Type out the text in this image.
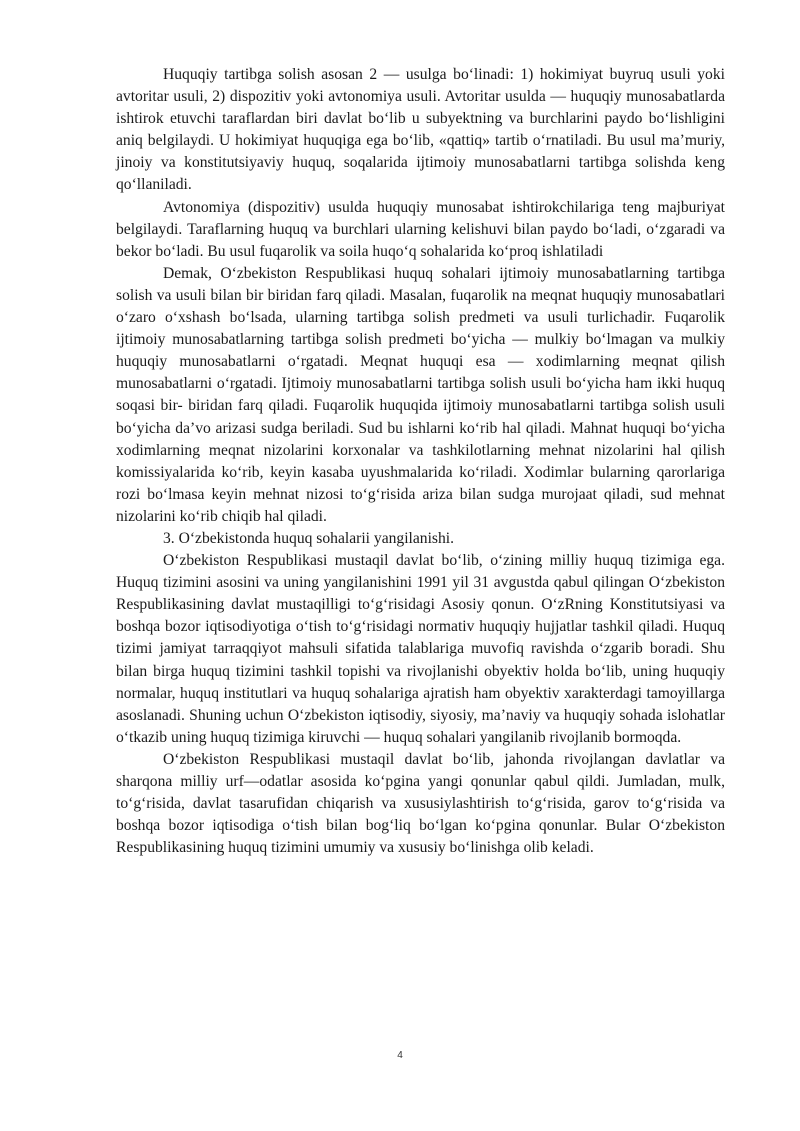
Huquqiy tartibga solish asosan 2 — usulga bo‘linadi: 1) hokimiyat buyruq usuli yoki avtoritar usuli, 2) dispozitiv yoki avtonomiya usuli. Avtoritar usulda — huquqiy munosabatlarda ishtirok etuvchi taraflardan biri davlat bo‘lib u subyektning va burchlarini paydo bo‘lishligini aniq belgilaydi. U hokimiyat huquqiga ega bo‘lib, «qattiq» tartib o‘rnatiladi. Bu usul ma’muriy, jinoiy va konstitutsiyaviy huquq, soqalarida ijtimoiy munosabatlarni tartibga solishda keng qo‘llaniladi.

Avtonomiya (dispozitiv) usulda huquqiy munosabat ishtirokchilariga teng majburiyat belgilaydi. Taraflarning huquq va burchlari ularning kelishuvi bilan paydo bo‘ladi, o‘zgaradi va bekor bo‘ladi. Bu usul fuqarolik va soila huqo‘q sohalarida ko‘proq ishlatiladi

Demak, O‘zbekiston Respublikasi huquq sohalari ijtimoiy munosabatlarning tartibga solish va usuli bilan bir biridan farq qiladi. Masalan, fuqarolik na meqnat huquqiy munosabatlari o‘zaro o‘xshash bo‘lsada, ularning tartibga solish predmeti va usuli turlichadir. Fuqarolik ijtimoiy munosabatlarning tartibga solish predmeti bo‘yicha — mulkiy bo‘lmagan va mulkiy huquqiy munosabatlarni o‘rgatadi. Meqnat huquqi esa — xodimlarning meqnat qilish munosabatlarni o‘rgatadi. Ijtimoiy munosabatlarni tartibga solish usuli bo‘yicha ham ikki huquq soqasi bir- biridan farq qiladi. Fuqarolik huquqida ijtimoiy munosabatlarni tartibga solish usuli bo‘yicha da’vo arizasi sudga beriladi. Sud bu ishlarni ko‘rib hal qiladi. Mahnat huquqi bo‘yicha xodimlarning meqnat nizolarini korxonalar va tashkilotlarning mehnat nizolarini hal qilish komissiyalarida ko‘rib, keyin kasaba uyushmalarida ko‘riladi. Xodimlar bularning qarorlariga rozi bo‘lmasa keyin mehnat nizosi to‘g‘risida ariza bilan sudga murojaat qiladi, sud mehnat nizolarini ko‘rib chiqib hal qiladi.

3. O‘zbekistonda huquq sohalarii yangilanishi.

O‘zbekiston Respublikasi mustaqil davlat bo‘lib, o‘zining milliy huquq tizimiga ega. Huquq tizimini asosini va uning yangilanishini 1991 yil 31 avgustda qabul qilingan O‘zbekiston Respublikasining davlat mustaqilligi to‘g‘risidagi Asosiy qonun. O‘zRning Konstitutsiyasi va boshqa bozor iqtisodiyotiga o‘tish to‘g‘risidagi normativ huquqiy hujjatlar tashkil qiladi. Huquq tizimi jamiyat tarraqqiyot mahsuli sifatida talablariga muvofiq ravishda o‘zgarib boradi. Shu bilan birga huquq tizimini tashkil topishi va rivojlanishi obyektiv holda bo‘lib, uning huquqiy normalar, huquq institutlari va huquq sohalariga ajratish ham obyektiv xarakterdagi tamoyillarga asoslanadi. Shuning uchun O‘zbekiston iqtisodiy, siyosiy, ma’naviy va huquqiy sohada islohatlar o‘tkazib uning huquq tizimiga kiruvchi — huquq sohalari yangilanib rivojlanib bormoqda.

O‘zbekiston Respublikasi mustaqil davlat bo‘lib, jahonda rivojlangan davlatlar va sharqona milliy urf—odatlar asosida ko‘pgina yangi qonunlar qabul qildi. Jumladan, mulk, to‘g‘risida, davlat tasarufidan chiqarish va xususiylashtirish to‘g‘risida, garov to‘g‘risida va boshqa bozor iqtisodiga o‘tish bilan bog‘liq bo‘lgan ko‘pgina qonunlar. Bular O‘zbekiston Respublikasining huquq tizimini umumiy va xususiy bo‘linishga olib keladi.

4
